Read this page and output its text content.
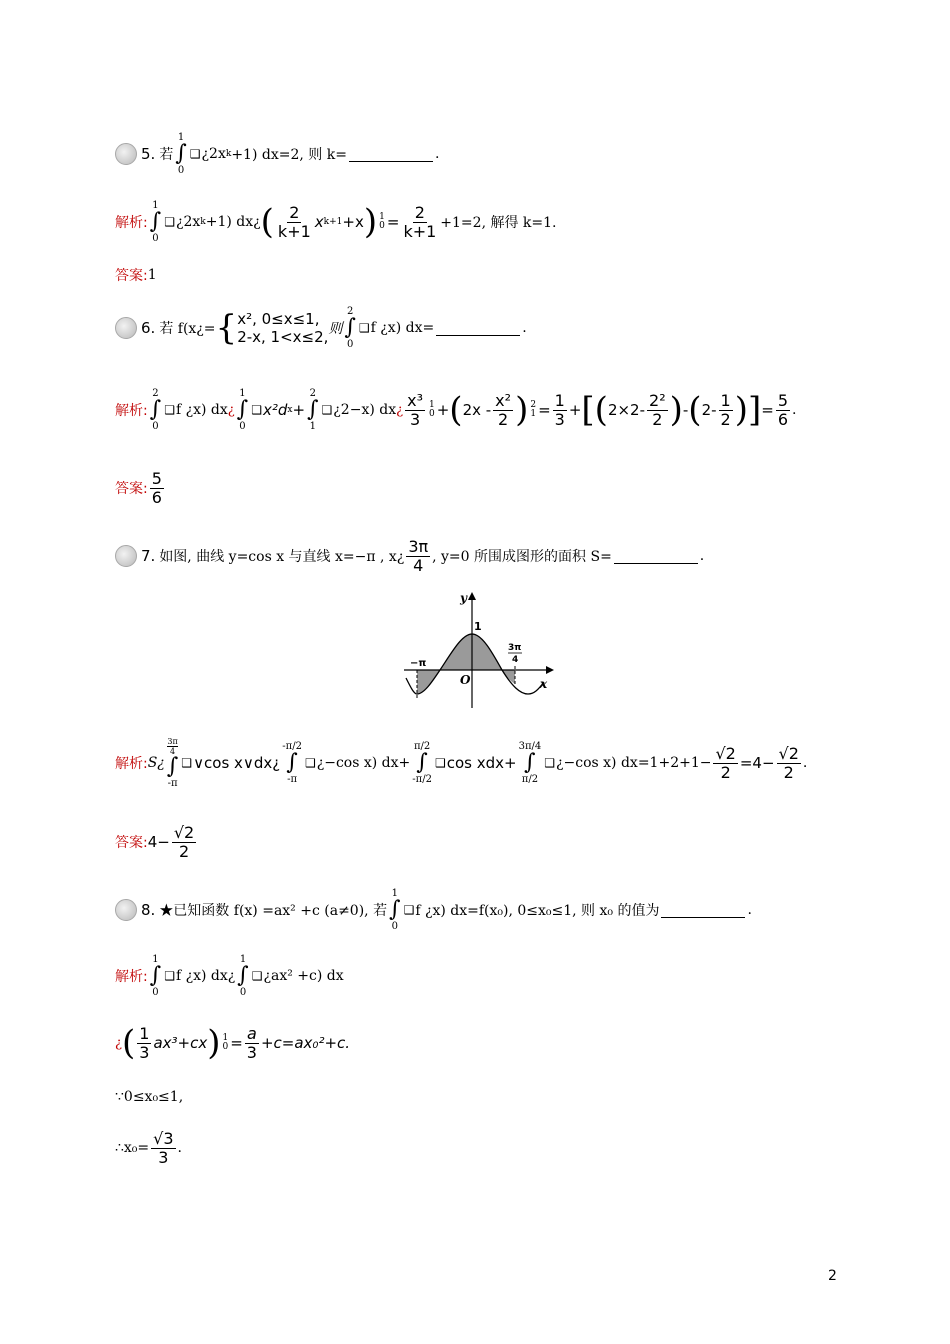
5. 若
1
∫
0
❑ ¿2x k +1) dx=2, 则 k=	.
解析:
1
∫
0
❑ ¿2x k +1) dx¿ ( $\frac{2}{k+1}$ x k+1 +x ) 1
$0 = \frac{2}{k+1} +1=2$, 解得 k=1.
答案: 1
6. 若 f(x¿= { x², 0≤x≤1,
2-x, 1<x≤2, 则
2
∫
0
❑ f ¿x) dx=	.
解析:
2
∫
0
❑ f ¿x) dx ¿
1
∫
0
❑ x²d x +
2
∫
1
❑ ¿2−x) dx ¿ $\frac{\text{x³}}{3} 1$
0 + ( $2x - \frac{\text{x²}}{2}$ ) 2
$1 = \frac{1}{3}$ + [ ( $2\times 2- \frac{\text{2²}}{2}$ ) - ( $2- \frac{1}{2}$ ) ] = $\frac{5}{6}$ .
答案: $\frac{5}{6}$
7. 如图, 曲线 y=cos x 与直线 x=−π , x¿ $\frac{3\pi}{4}$ , y=0 所围成图形的面积 S=	.
y
x
1
O
−π
3π
4
解析: S¿
3π
4
∫
-π
❑ ∨cos x∨dx¿
-π/2
∫
-π
❑ ¿−cos x) dx+
π/2
∫
-π/2
❑ cos xdx+
3π/4
∫
π/2
❑ ¿−cos x) $dx=1+2+1- \frac{√2}{2} =4- \frac{√2}{2}$ .
答案: $4- \frac{√2}{2}$
8. ★已知函数 f(x) =ax² +c (a≠0), 若
1
∫
0
❑ f ¿x) dx=f(x₀), 0≤x₀≤1, 则 x₀ 的值为	.
解析:
1
∫
0
❑ f ¿x) dx¿
1
∫
0
❑ ¿ax² +c) dx
¿ ( $\frac{1}{3} ax^3+cx$ ) 1
$0 = \frac{a}{3} +c=ax_0^2+c$.
∵0≤x₀≤1,
∴x₀= $\frac{√3}{3}$ .
2
